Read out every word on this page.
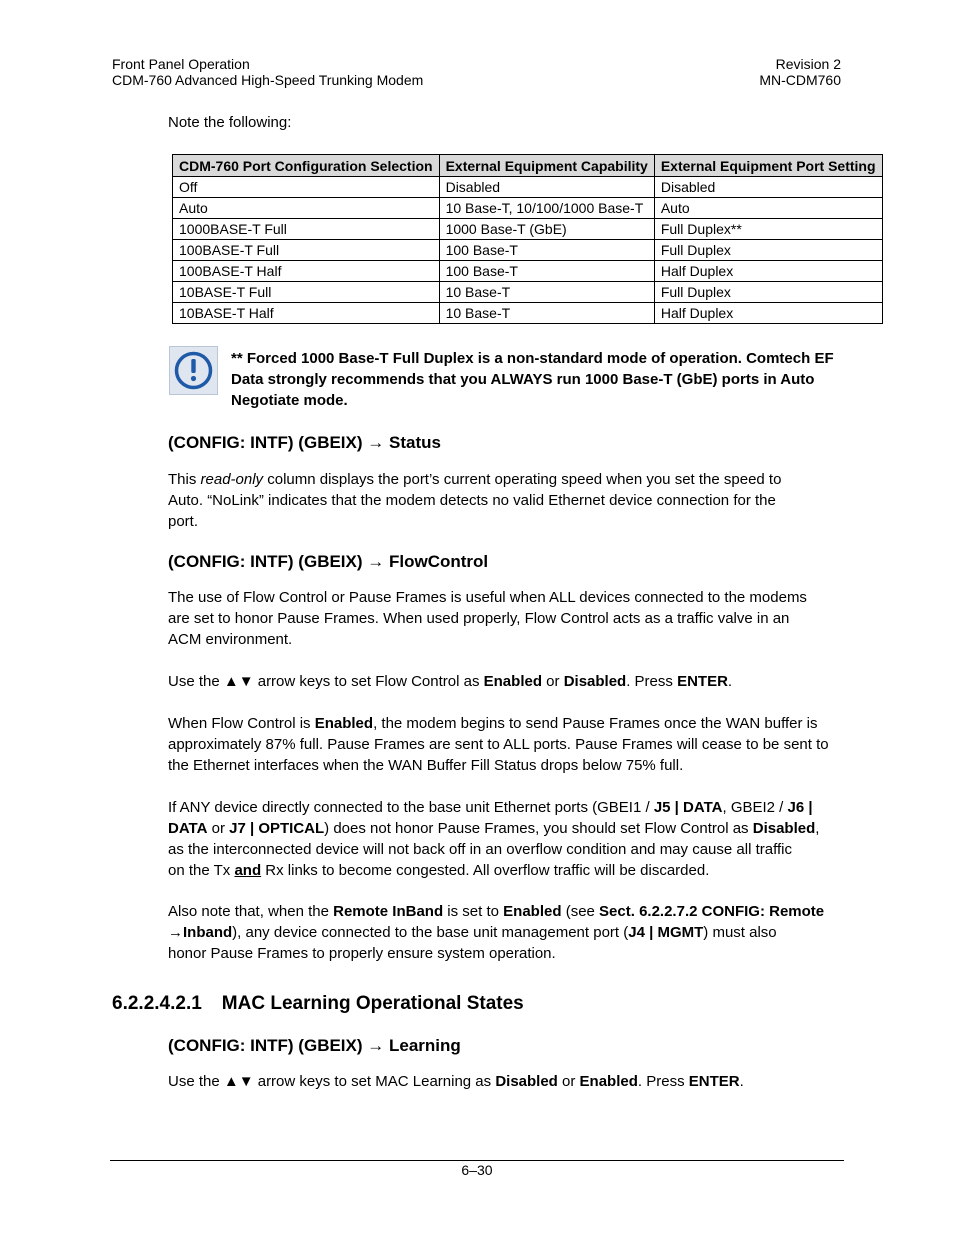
Front Panel Operation
CDM-760 Advanced High-Speed Trunking Modem
Revision 2
MN-CDM760
Note the following:
CDM-760 Port Configuration Selection	External Equipment Capability	External Equipment Port Setting
Off	Disabled	Disabled
Auto	10 Base-T, 10/100/1000 Base-T	Auto
1000BASE-T Full	1000 Base-T (GbE)	Full Duplex**
100BASE-T Full	100 Base-T	Full Duplex
100BASE-T Half	100 Base-T	Half Duplex
10BASE-T Full	10 Base-T	Full Duplex
10BASE-T Half	10 Base-T	Half Duplex
** Forced 1000 Base-T Full Duplex is a non-standard mode of operation. Comtech EF
Data strongly recommends that you ALWAYS run 1000 Base-T (GbE) ports in Auto
Negotiate mode.
(CONFIG: INTF) (GBEIX) → Status
This read-only column displays the port’s current operating speed when you set the speed to
Auto. “NoLink” indicates that the modem detects no valid Ethernet device connection for the
port.
(CONFIG: INTF) (GBEIX) → FlowControl
The use of Flow Control or Pause Frames is useful when ALL devices connected to the modems
are set to honor Pause Frames. When used properly, Flow Control acts as a traffic valve in an
ACM environment.
Use the ▲▼ arrow keys to set Flow Control as Enabled or Disabled. Press ENTER.
When Flow Control is Enabled, the modem begins to send Pause Frames once the WAN buffer is
approximately 87% full. Pause Frames are sent to ALL ports. Pause Frames will cease to be sent to
the Ethernet interfaces when the WAN Buffer Fill Status drops below 75% full.
If ANY device directly connected to the base unit Ethernet ports (GBEI1 / J5 | DATA, GBEI2 / J6 |
DATA or J7 | OPTICAL) does not honor Pause Frames, you should set Flow Control as Disabled,
as the interconnected device will not back off in an overflow condition and may cause all traffic
on the Tx and Rx links to become congested. All overflow traffic will be discarded.
Also note that, when the Remote InBand is set to Enabled (see Sect. 6.2.2.7.2 CONFIG: Remote
→Inband), any device connected to the base unit management port (J4 | MGMT) must also
honor Pause Frames to properly ensure system operation.
6.2.2.4.2.1 MAC Learning Operational States
(CONFIG: INTF) (GBEIX) → Learning
Use the ▲▼ arrow keys to set MAC Learning as Disabled or Enabled. Press ENTER.
6–30
